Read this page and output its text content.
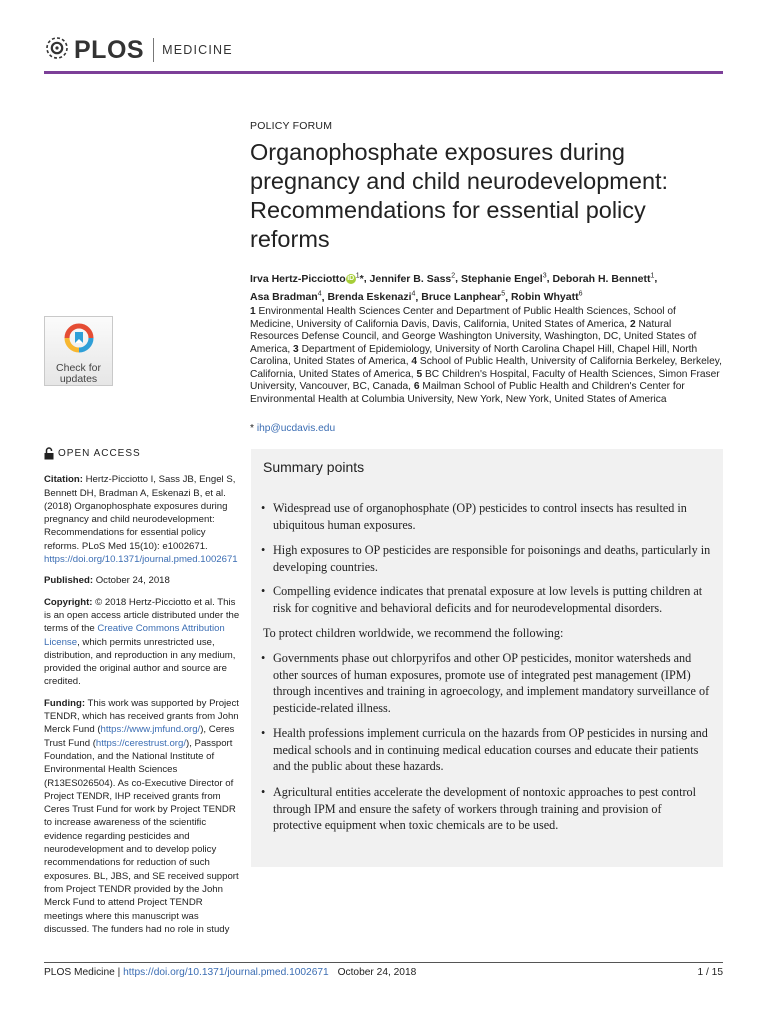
PLOS MEDICINE
Check for
updates
POLICY FORUM
Organophosphate exposures during pregnancy and child neurodevelopment: Recommendations for essential policy reforms
Irva Hertz-Picciotto iD $^1$*, Jennifer B. Sass$^2$, Stephanie Engel$^3$, Deborah H. Bennett$^1$,
Asa Bradman$^4$, Brenda Eskenazi$^4$, Bruce Lanphear$^5$, Robin Whyatt$^6$
1 Environmental Health Sciences Center and Department of Public Health Sciences, School of Medicine, University of California Davis, Davis, California, United States of America, 2 Natural Resources Defense Council, and George Washington University, Washington, DC, United States of America, 3 Department of Epidemiology, University of North Carolina Chapel Hill, Chapel Hill, North Carolina, United States of America, 4 School of Public Health, University of California Berkeley, Berkeley, California, United States of America, 5 BC Children's Hospital, Faculty of Health Sciences, Simon Fraser University, Vancouver, BC, Canada, 6 Mailman School of Public Health and Children's Center for Environmental Health at Columbia University, New York, New York, United States of America
* ihp@ucdavis.edu
Summary points
• Widespread use of organophosphate (OP) pesticides to control insects has resulted in ubiquitous human exposures.
• High exposures to OP pesticides are responsible for poisonings and deaths, particularly in developing countries.
• Compelling evidence indicates that prenatal exposure at low levels is putting children at risk for cognitive and behavioral deficits and for neurodevelopmental disorders.
To protect children worldwide, we recommend the following:
• Governments phase out chlorpyrifos and other OP pesticides, monitor watersheds and other sources of human exposures, promote use of integrated pest management (IPM) through incentives and training in agroecology, and implement mandatory surveillance of pesticide-related illness.
• Health professions implement curricula on the hazards from OP pesticides in nursing and medical schools and in continuing medical education courses and educate their patients and the public about these hazards.
• Agricultural entities accelerate the development of nontoxic approaches to pest control through IPM and ensure the safety of workers through training and provision of protective equipment when toxic chemicals are to be used.
OPEN ACCESS

Citation: Hertz-Picciotto I, Sass JB, Engel S, Bennett DH, Bradman A, Eskenazi B, et al. (2018) Organophosphate exposures during pregnancy and child neurodevelopment: Recommendations for essential policy reforms. PLoS Med 15(10): e1002671. https://doi.org/10.1371/journal.pmed.1002671

Published: October 24, 2018

Copyright: © 2018 Hertz-Picciotto et al. This is an open access article distributed under the terms of the Creative Commons Attribution License, which permits unrestricted use, distribution, and reproduction in any medium, provided the original author and source are credited.

Funding: This work was supported by Project TENDR, which has received grants from John Merck Fund (https://www.jmfund.org/), Ceres Trust Fund (https://cerestrust.org/), Passport Foundation, and the National Institute of Environmental Health Sciences (R13ES026504). As co-Executive Director of Project TENDR, IHP received grants from Ceres Trust Fund for work by Project TENDR to increase awareness of the scientific evidence regarding pesticides and neurodevelopment and to develop policy recommendations for reduction of such exposures. BL, JBS, and SE received support from Project TENDR provided by the John Merck Fund to attend Project TENDR meetings where this manuscript was discussed. The funders had no role in study

PLOS Medicine | https://doi.org/10.1371/journal.pmed.1002671 October 24, 2018	1 / 15
